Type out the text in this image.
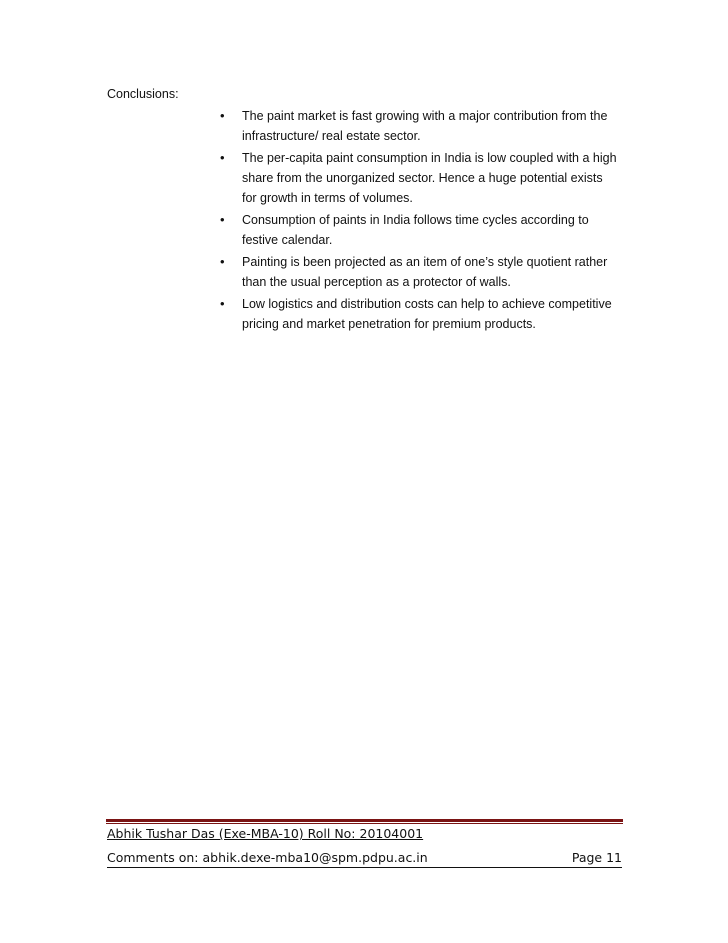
Conclusions:
•	The paint market is fast growing with a major contribution from the
infrastructure/ real estate sector.
•	The per-capita paint consumption in India is low coupled with a high
share from the unorganized sector. Hence a huge potential exists
for growth in terms of volumes.
•	Consumption of paints in India follows time cycles according to
festive calendar.
•	Painting is been projected as an item of one’s style quotient rather
than the usual perception as a protector of walls.
•	Low logistics and distribution costs can help to achieve competitive
pricing and market penetration for premium products.
Abhik Tushar Das (Exe-MBA-10) Roll No: 20104001
Comments on: abhik.dexe-mba10@spm.pdpu.ac.in	Page 11
